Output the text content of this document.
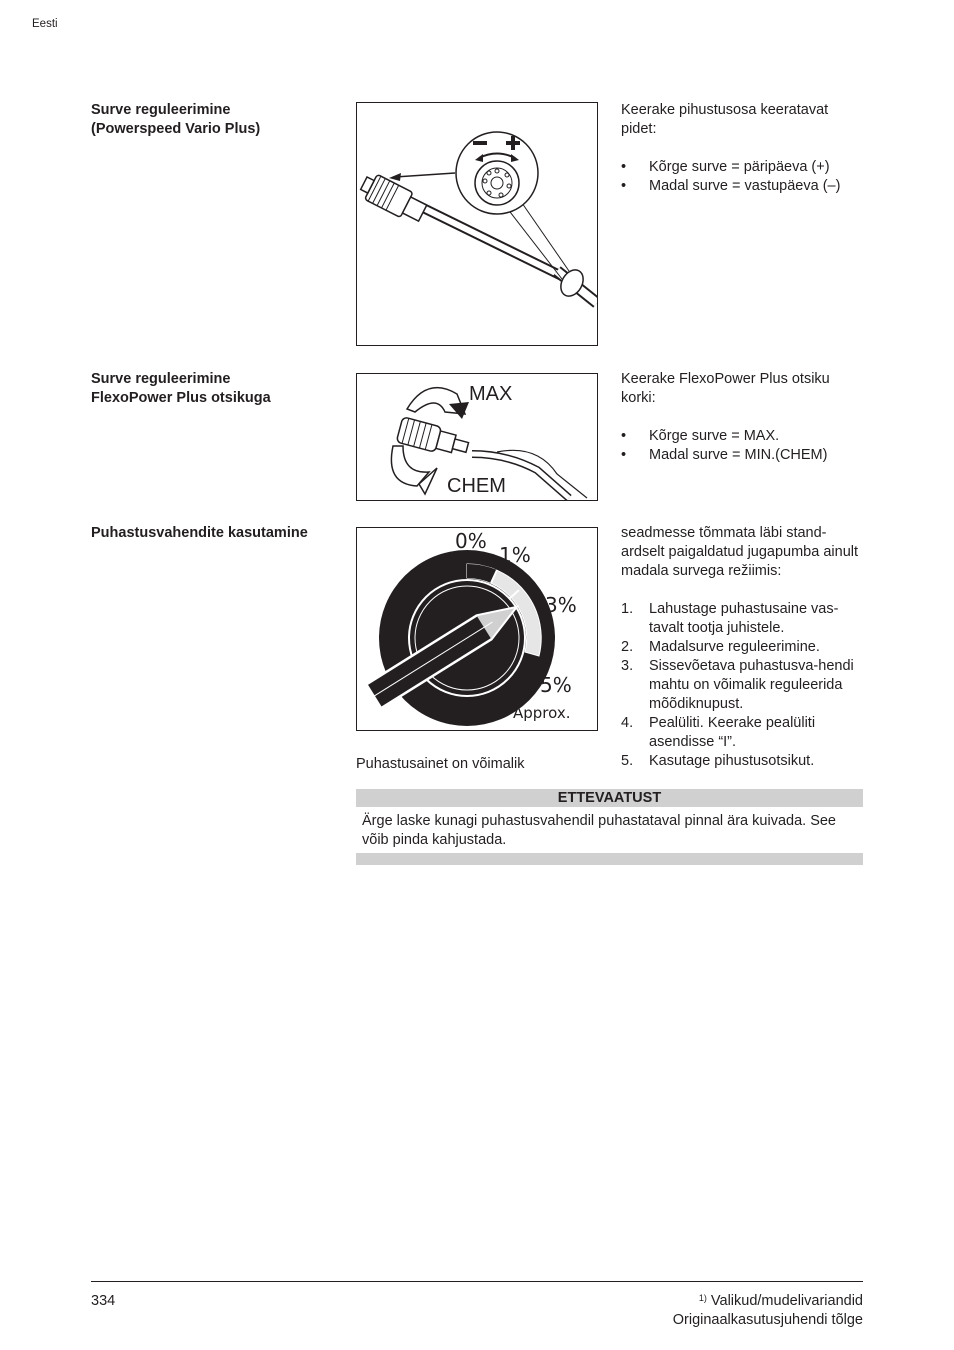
Eesti
Surve reguleerimine
(Powerspeed Vario Plus)

Keerake pihustusosa keeratavat pidet:

• Kõrge surve = päripäeva (+)
• Madal surve = vastupäeva (–)
Surve reguleerimine
FlexoPower Plus otsikuga	MAX
CHEM

Keerake FlexoPower Plus otsiku korki:

• Kõrge surve = MAX.
• Madal surve = MIN.(CHEM)
Puhastusvahendite kasutamine	0%
1%
3%
5%
Approx.
Puhastusainet on võimalik

seadmesse tõmmata läbi stand-ardselt paigaldatud jugapumba ainult madala survega režiimis:

1. Lahustage puhastusaine vas-tavalt tootja juhistele.
2. Madalsurve reguleerimine.
3. Sissevõetava puhastusva-hendi mahtu on võimalik reguleerida mõõdiknupust.
4. Pealüliti. Keerake pealüliti asendisse “I”.
5. Kasutage pihustusotsikut.
ETTEVAATUST
Ärge laske kunagi puhastusvahendil puhastataval pinnal ära kuivada. See võib pinda kahjustada.
334	$^{1)}$ Valikud/mudelivariandid
Originaalkasutusjuhendi tõlge
